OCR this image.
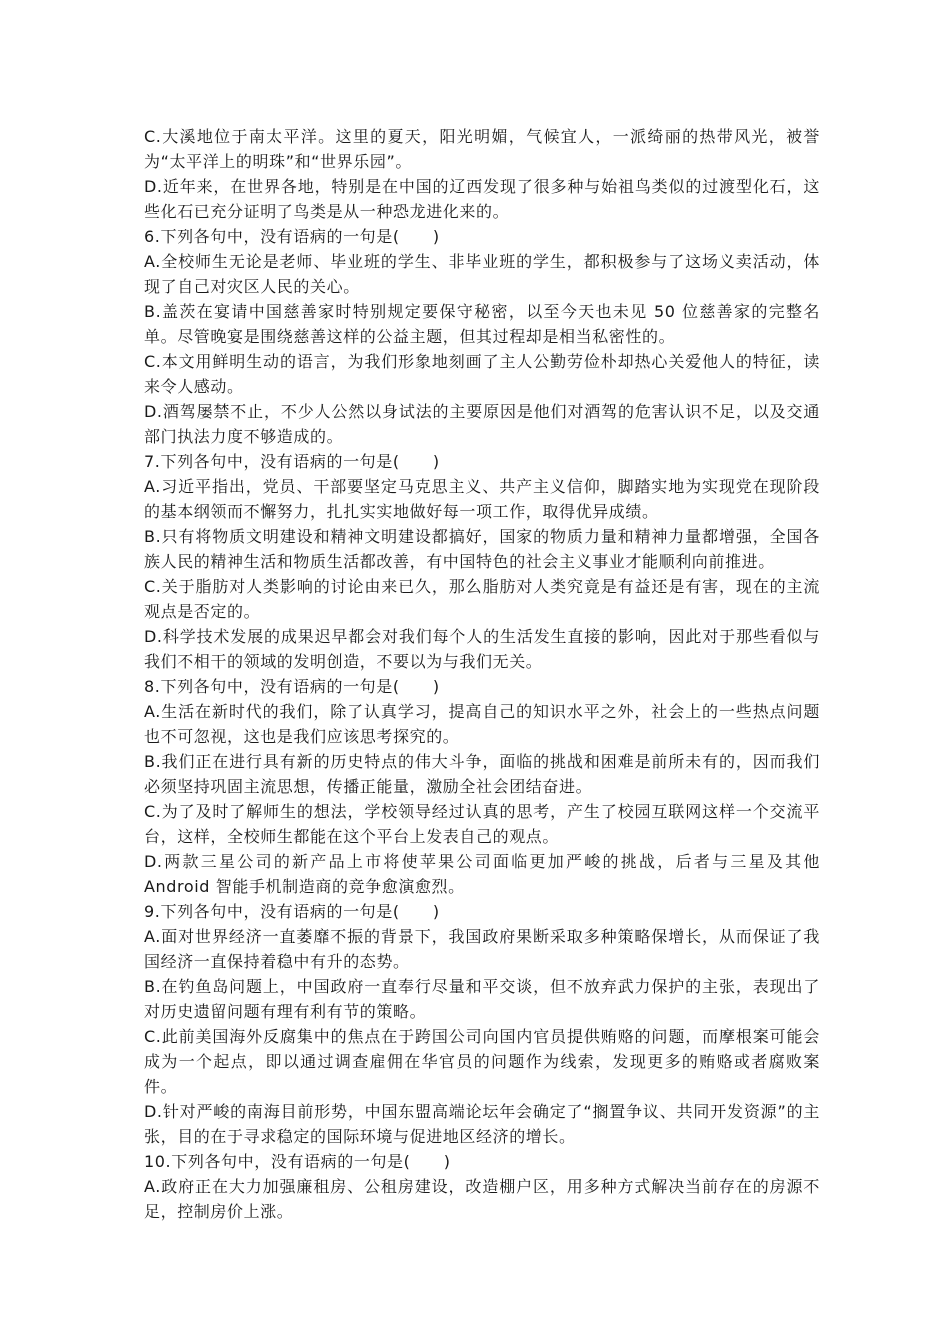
C.大溪地位于南太平洋。这里的夏天，阳光明媚，气候宜人，一派绮丽的热带风光，被誉为“太平洋上的明珠”和“世界乐园”。

D.近年来，在世界各地，特别是在中国的辽西发现了很多种与始祖鸟类似的过渡型化石，这些化石已充分证明了鸟类是从一种恐龙进化来的。

6.下列各句中，没有语病的一句是(　　)

A.全校师生无论是老师、毕业班的学生、非毕业班的学生，都积极参与了这场义卖活动，体现了自己对灾区人民的关心。

B.盖茨在宴请中国慈善家时特别规定要保守秘密，以至今天也未见 50 位慈善家的完整名单。尽管晚宴是围绕慈善这样的公益主题，但其过程却是相当私密性的。

C.本文用鲜明生动的语言，为我们形象地刻画了主人公勤劳俭朴却热心关爱他人的特征，读来令人感动。

D.酒驾屡禁不止，不少人公然以身试法的主要原因是他们对酒驾的危害认识不足，以及交通部门执法力度不够造成的。

7.下列各句中，没有语病的一句是(　　)

A.习近平指出，党员、干部要坚定马克思主义、共产主义信仰，脚踏实地为实现党在现阶段的基本纲领而不懈努力，扎扎实实地做好每一项工作，取得优异成绩。

B.只有将物质文明建设和精神文明建设都搞好，国家的物质力量和精神力量都增强，全国各族人民的精神生活和物质生活都改善，有中国特色的社会主义事业才能顺利向前推进。

C.关于脂肪对人类影响的讨论由来已久，那么脂肪对人类究竟是有益还是有害，现在的主流观点是否定的。

D.科学技术发展的成果迟早都会对我们每个人的生活发生直接的影响，因此对于那些看似与我们不相干的领域的发明创造，不要以为与我们无关。

8.下列各句中，没有语病的一句是(　　)

A.生活在新时代的我们，除了认真学习，提高自己的知识水平之外，社会上的一些热点问题也不可忽视，这也是我们应该思考探究的。

B.我们正在进行具有新的历史特点的伟大斗争，面临的挑战和困难是前所未有的，因而我们必须坚持巩固主流思想，传播正能量，激励全社会团结奋进。

C.为了及时了解师生的想法，学校领导经过认真的思考，产生了校园互联网这样一个交流平台，这样，全校师生都能在这个平台上发表自己的观点。

D.两款三星公司的新产品上市将使苹果公司面临更加严峻的挑战，后者与三星及其他 Android 智能手机制造商的竞争愈演愈烈。

9.下列各句中，没有语病的一句是(　　)

A.面对世界经济一直萎靡不振的背景下，我国政府果断采取多种策略保增长，从而保证了我国经济一直保持着稳中有升的态势。

B.在钓鱼岛问题上，中国政府一直奉行尽量和平交谈，但不放弃武力保护的主张，表现出了对历史遗留问题有理有利有节的策略。

C.此前美国海外反腐集中的焦点在于跨国公司向国内官员提供贿赂的问题，而摩根案可能会成为一个起点，即以通过调查雇佣在华官员的问题作为线索，发现更多的贿赂或者腐败案件。

D.针对严峻的南海目前形势，中国东盟高端论坛年会确定了“搁置争议、共同开发资源”的主张，目的在于寻求稳定的国际环境与促进地区经济的增长。

10.下列各句中，没有语病的一句是(　　)

A.政府正在大力加强廉租房、公租房建设，改造棚户区，用多种方式解决当前存在的房源不足，控制房价上涨。
